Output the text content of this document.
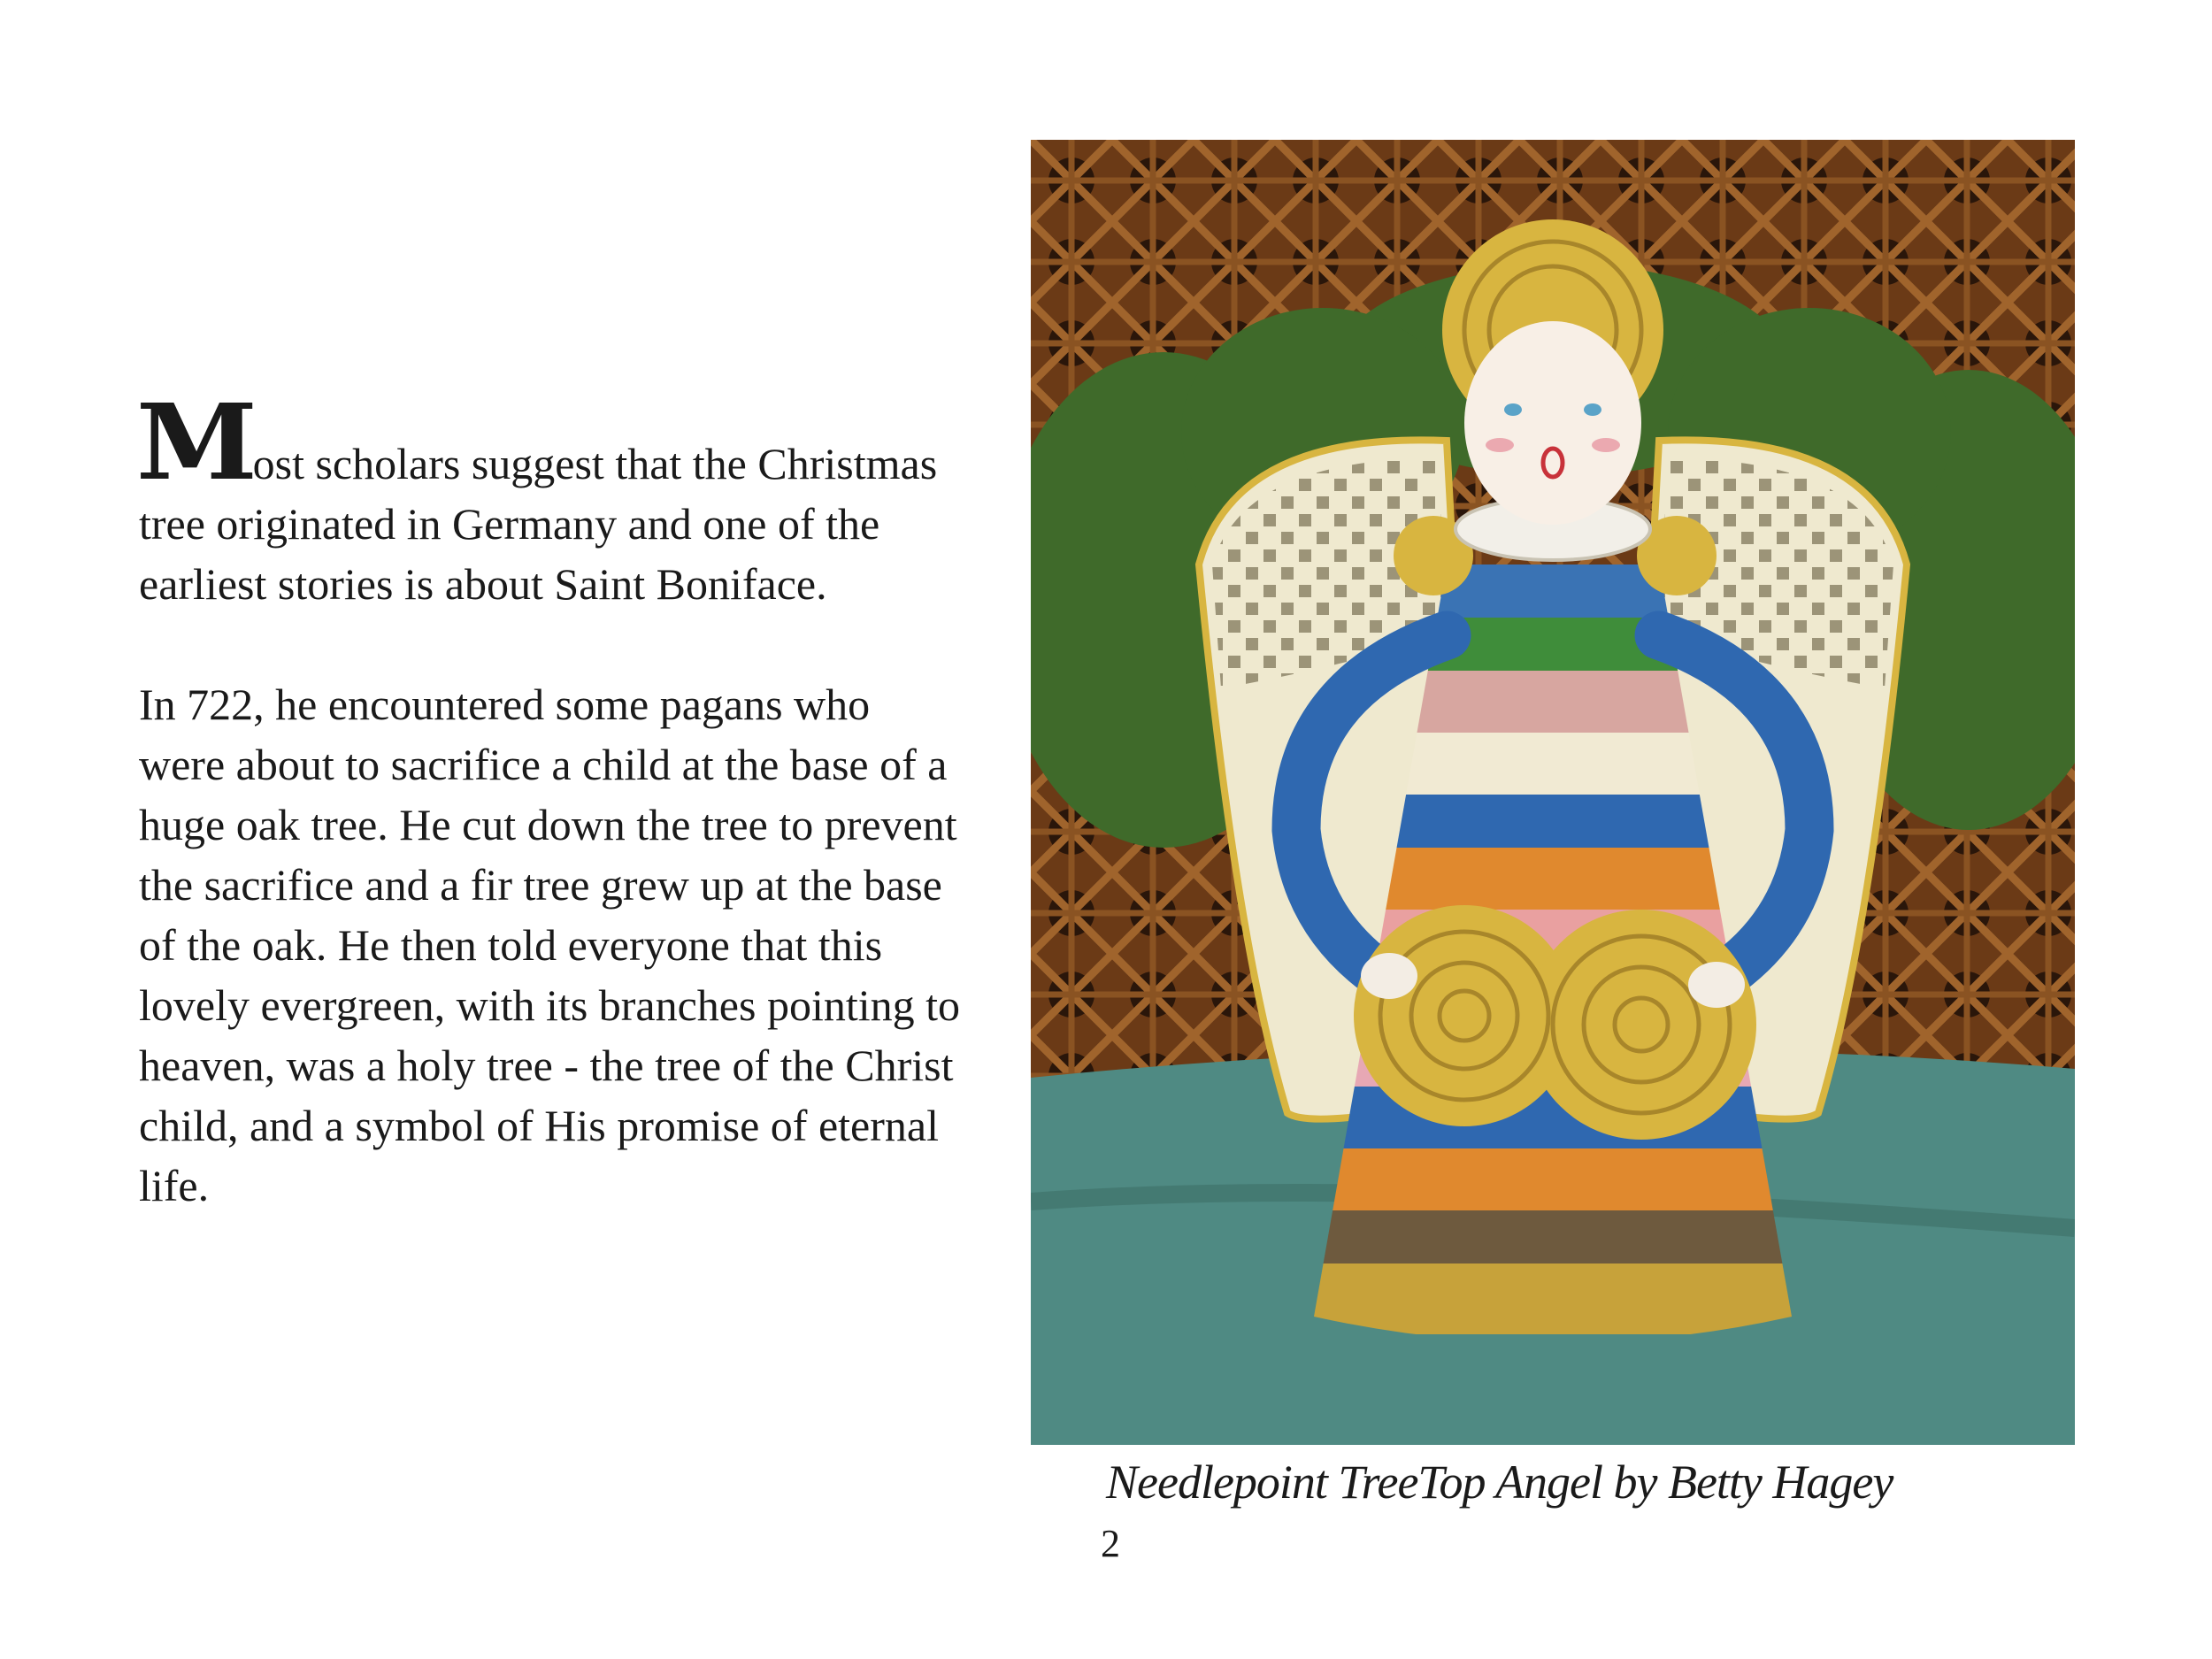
Most scholars suggest that the Christmas tree originated in Germany and one of the earliest stories is about Saint Boniface.

In 722, he encountered some pagans who were about to sacrifice a child at the base of a huge oak tree. He cut down the tree to prevent the sacrifice and a fir tree grew up at the base of the oak. He then told everyone that this lovely evergreen, with its branches pointing to heaven, was a holy tree - the tree of the Christ child, and a symbol of His promise of eternal life.

Needlepoint TreeTop Angel by Betty Hagey
2
